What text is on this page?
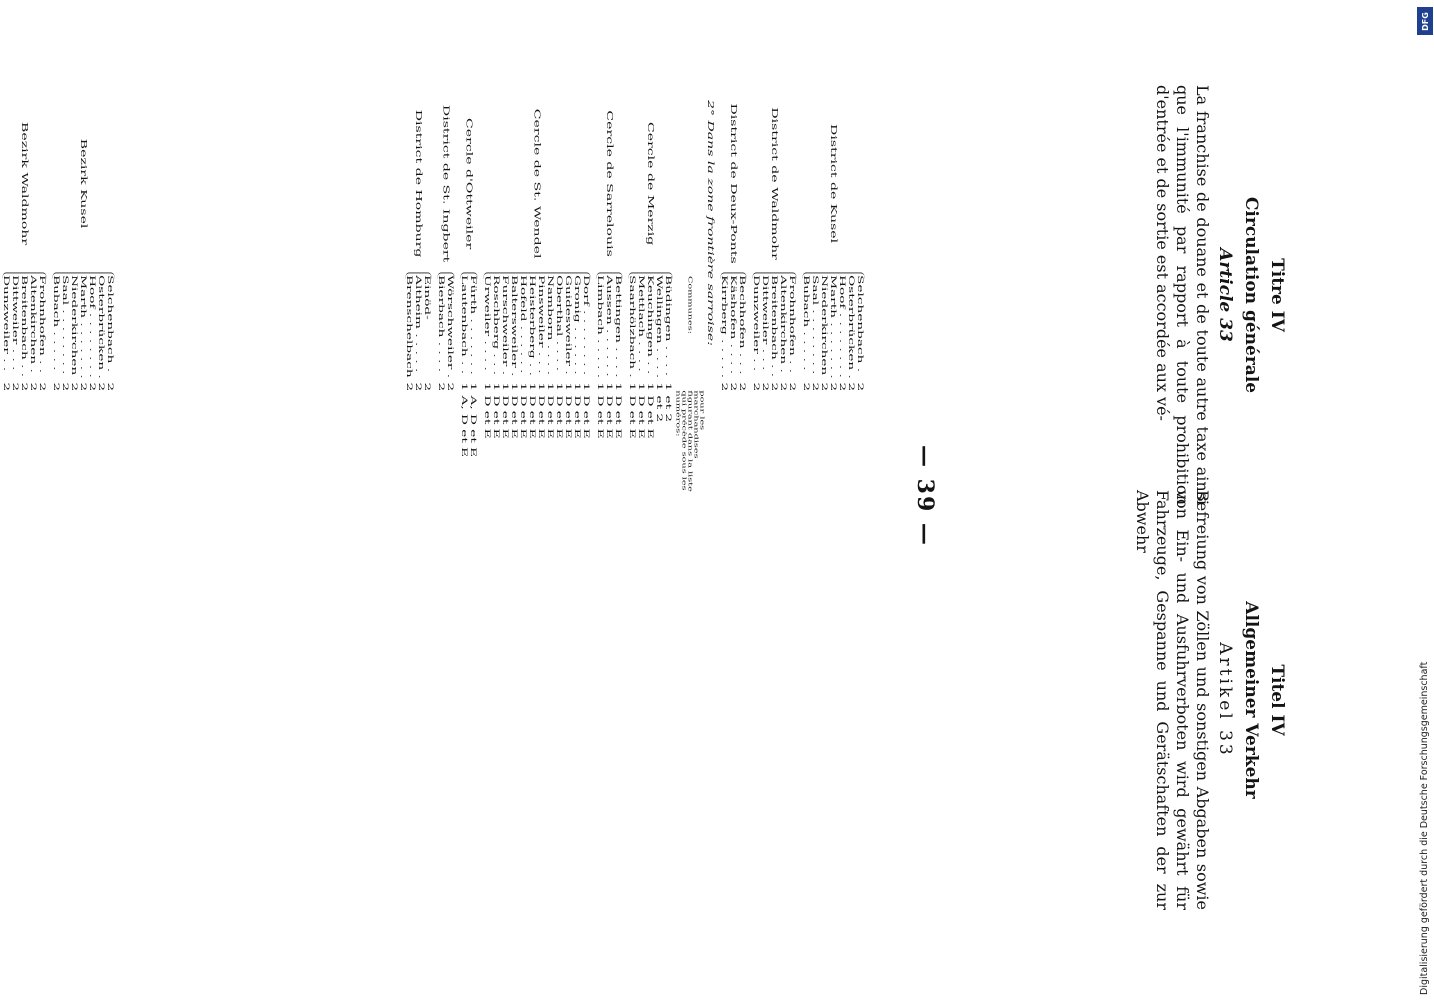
— 39 —
Bezirk Kusel
Selchenbach . . .
2
Osterbrücken . . .
2
Hoof . . .
2
Marth . . .
2
Niederkirchen . . .
2
Saal . . .
2
Bubach . . .
2
Bezirk Waldmohr
Frohnhofen . . .
2
Altenkirchen . . .
2
Breitenbach . . .
2
Dittweiler . . .
2
Dunzweiler . . .
2
District de Kusel
Selchenbach . . .
2
Osterbrücken . . .
2
Hoof . . .
2
Marth . . .
2
Niederkirchen . . .
2
Saal . . .
2
Bubach . . .
2
District de Waldmohr
Frohnhofen . . .
2
Altenkirchen . . .
2
Breitenbach . . .
2
Dittweiler . . .
2
Dunzweiler . . .
2
District de Deux-Ponts
Bechhofen . . .
2
Käshofen . . .
2
Kirrberg . . .
2
2° Dans la zone frontière sarroise:
Communes:
pour les marchandises figurant dans la liste qui précède sous les numéros:
Cercle de Merzig
Büdingen . . .
1 et 2
Wellingen . . .
1 et 2
Keuchingen . . .
1 D et E
Mettlach . . .
1 D et E
Saarhölzbach . . .
1 D et E
Cercle de Sarrelouis
Bettingen . . .
1 D et E
Aussen . . .
1 D et E
Limbach . . .
1 D et E
Cercle de St. Wendel
Dorf . . .
1 D et E
Gronig . . .
1 D et E
Guidesweiler . . .
1 D et E
Oberthal . . .
1 D et E
Namborn . . .
1 D et E
Pinsweiler . . .
1 D et E
Heisterberg . . .
1 D et E
Hofeld . . .
1 D et E
Baltersweiler . . .
1 D et E
Furschweiler . . .
1 D et E
Roschberg . . .
1 D et E
Urweiler . . .
1 D et E
Cercle d'Ottweiler
Fürth . . .
1 A, D et E
Lautenbach . . .
1 A, D et E
District de St. Ingbert
Wörschweiler . . .
2
Bierbach . . .
2
District de Homburg
Einöd- . . .
2
Altheim . . .
2
Brenschelbach . . .
2
Titel IV
Allgemeiner Verkehr
Artikel 33
Befreiung von Zöllen und sonstigen Abgaben sowie von Ein- und Ausfuhrverboten wird gewährt für Fahrzeuge, Gespanne und Gerätschaften der zur Abwehr
Titre IV
Circulation générale
Article 33
La franchise de douane et de toute autre taxe ainsi que l'immunité par rapport à toute prohibition d'entrée et de sortie est accordée aux vé-
Digitalisierung gefördert durch die Deutsche Forschungsgemeinschaft
DFG
